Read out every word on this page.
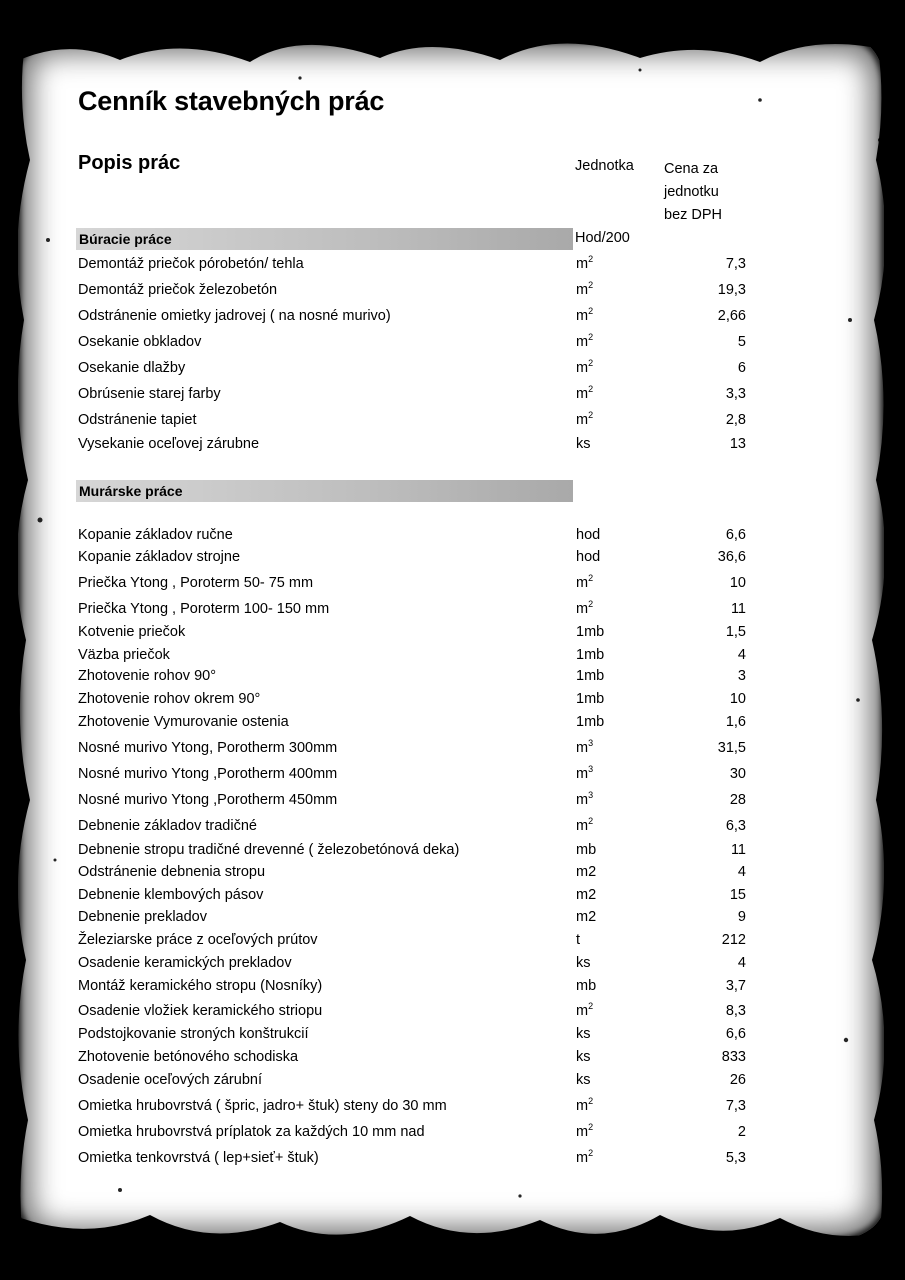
Cenník stavebných prác
Popis prác	Jednotka Cena za
jednotku
bez DPH
Búracie práce	Hod/200
Demontáž priečok pórobetón/ tehla	$m^2$	7,3
Demontáž priečok železobetón	$m^2$	19,3
Odstránenie omietky jadrovej ( na nosné murivo)	$m^2$	2,66
Osekanie obkladov	$m^2$	5
Osekanie dlažby	$m^2$	6
Obrúsenie starej farby	$m^2$	3,3
Odstránenie tapiet	$m^2$	2,8
Vysekanie oceľovej zárubne	ks	13
Murárske práce
Kopanie základov ručne	hod	6,6
Kopanie základov strojne	hod	36,6
Priečka Ytong , Poroterm 50- 75 mm	$m^2$	10
Priečka Ytong , Poroterm 100- 150 mm	$m^2$	11
Kotvenie priečok	1mb	1,5
Väzba priečok	1mb	4
Zhotovenie rohov 90°	1mb	3
Zhotovenie rohov okrem 90°	1mb	10
Zhotovenie Vymurovanie ostenia	1mb	1,6
Nosné murivo Ytong, Porotherm 300mm	$m^3$	31,5
Nosné murivo Ytong ,Porotherm 400mm	$m^3$	30
Nosné murivo Ytong ,Porotherm 450mm	$m^3$	28
Debnenie základov tradičné	$m^2$	6,3
Debnenie stropu tradičné drevenné ( železobetónová deka)	mb	11
Odstránenie debnenia stropu	m2	4
Debnenie klembových pásov	m2	15
Debnenie prekladov	m2	9
Železiarske práce z oceľových prútov	t	212
Osadenie keramických prekladov	ks	4
Montáž keramického stropu (Nosníky)	mb	3,7
Osadenie vložiek keramického striopu	$m^2$	8,3
Podstojkovanie stroných konštrukcií	ks	6,6
Zhotovenie betónového schodiska	ks	833
Osadenie oceľových zárubní	ks	26
Omietka hrubovrstvá ( špric, jadro+ štuk) steny do 30 mm	$m^2$	7,3
Omietka hrubovrstvá príplatok za každých 10 mm nad	$m^2$	2
Omietka tenkovrstvá ( lep+sieť+ štuk)	$m^2$	5,3
